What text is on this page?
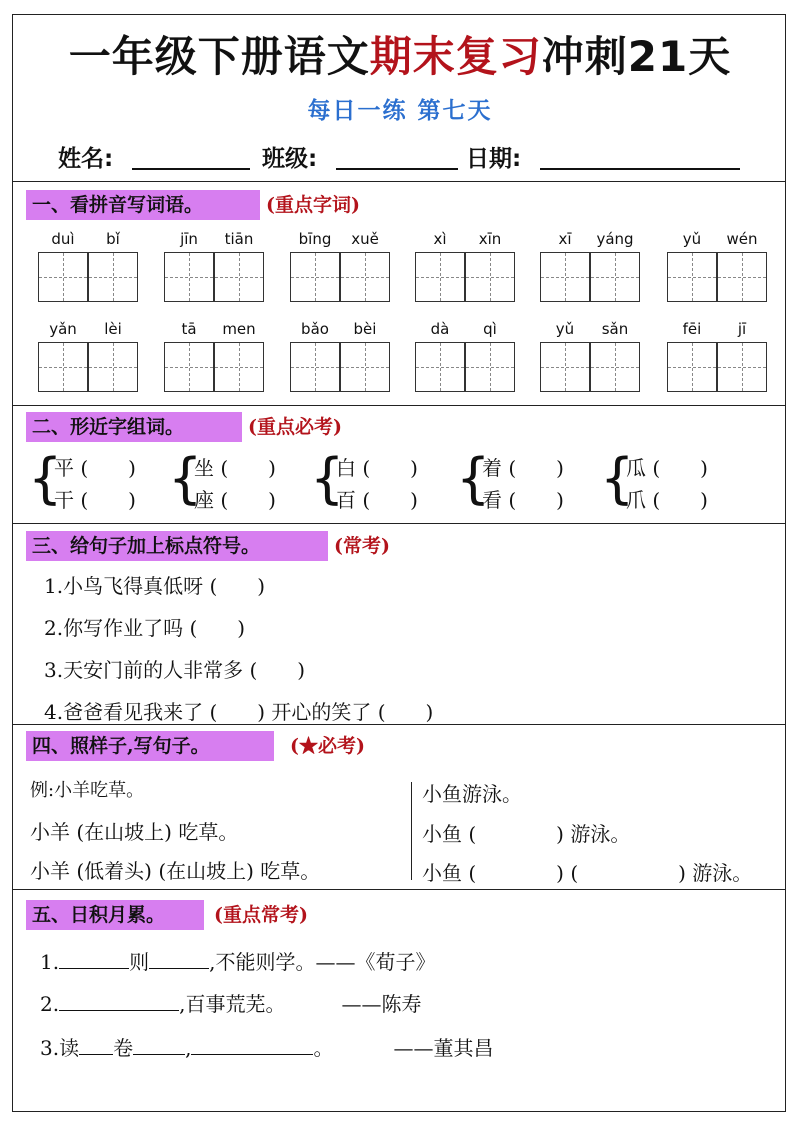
一年级下册语文期末复习冲刺21天
每日一练 第七天
姓名:	班级:	日期:
一、看拼音写词语。	(重点字词)
duì	bǐ	jīn	tiān	bīng	xuě	xì	xīn	xī	yáng	yǔ	wén
yǎn	lèi	tā	men	bǎo	bèi	dà	qì	yǔ	sǎn	fēi	jī
二、形近字组词。	(重点必考)
{
平 (　　)
干 (　　) {
坐 (　　)
座 (　　) {
白 (　　)
百 (　　) {
着 (　　)
看 (　　) {
瓜 (　　)
爪 (　　)
三、给句子加上标点符号。	(常考)
1.小鸟飞得真低呀 (　　)
2.你写作业了吗 (　　)
3.天安门前的人非常多 (　　)
4.爸爸看见我来了 (　　) 开心的笑了 (　　)
四、照样子,写句子。	(★必考)
例:小羊吃草。
小羊 (在山坡上) 吃草。
小羊 (低着头) (在山坡上) 吃草。
小鱼游泳。
小鱼 (　　　　) 游泳。
小鱼 (　　　　) (　　　　　) 游泳。
五、日积月累。	(重点常考)
1.	则	,不能则学。——《荀子》
2.	,百事荒芜。	——陈寿
3.读 卷	,	。	——董其昌
